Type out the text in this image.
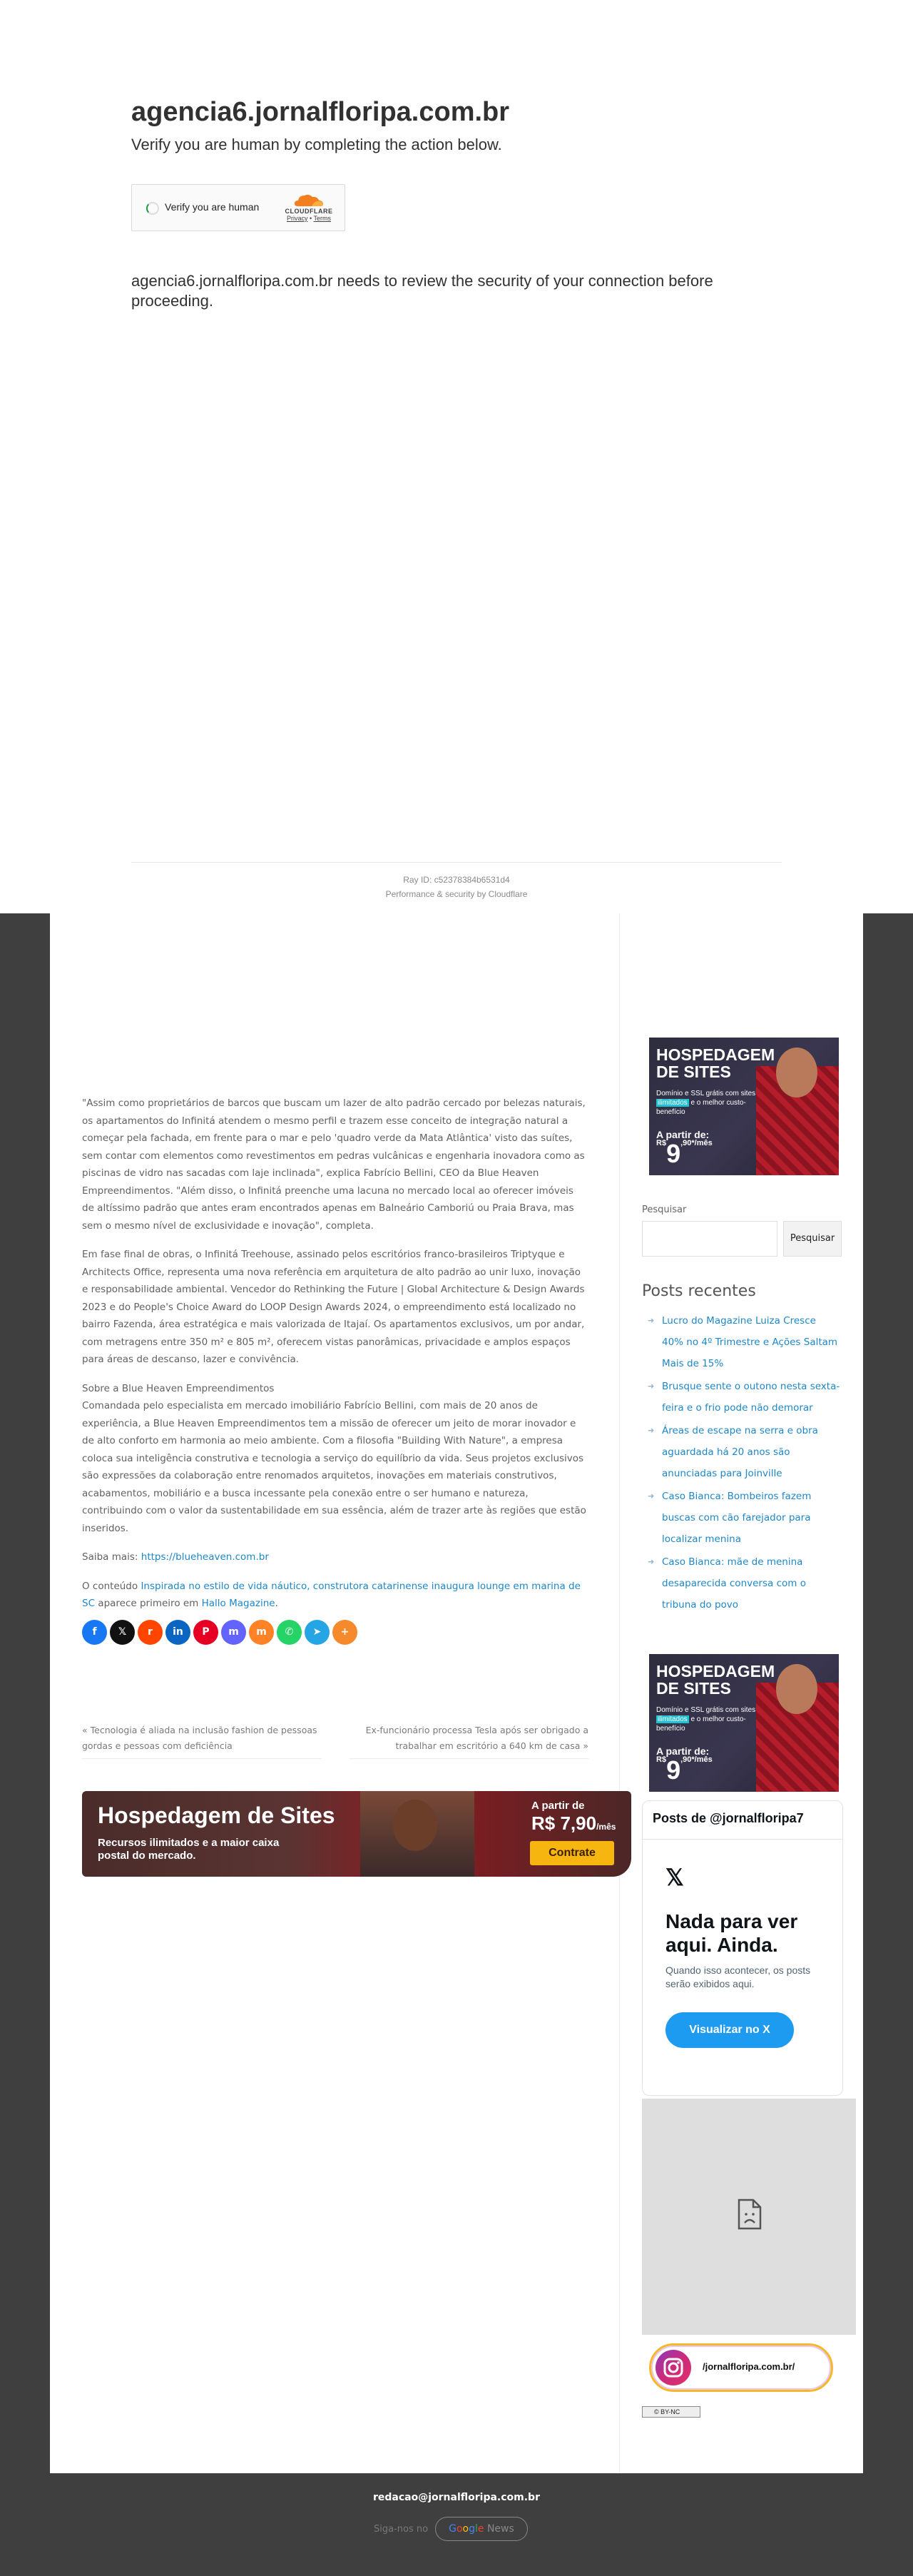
agencia6.jornalfloripa.com.br

Verify you are human by completing the action below.

Verify you are human	CLOUDFLARE
Privacy • Terms

agencia6.jornalfloripa.com.br needs to review the security of your connection before proceeding.

Ray ID: c52378384b6531d4
Performance & security by Cloudflare

"Assim como proprietários de barcos que buscam um lazer de alto padrão cercado por belezas naturais, os apartamentos do Infinitá atendem o mesmo perfil e trazem esse conceito de integração natural a começar pela fachada, em frente para o mar e pelo 'quadro verde da Mata Atlântica' visto das suítes, sem contar com elementos como revestimentos em pedras vulcânicas e engenharia inovadora como as piscinas de vidro nas sacadas com laje inclinada", explica Fabrício Bellini, CEO da Blue Heaven Empreendimentos. "Além disso, o Infinitá preenche uma lacuna no mercado local ao oferecer imóveis de altíssimo padrão que antes eram encontrados apenas em Balneário Camboriú ou Praia Brava, mas sem o mesmo nível de exclusividade e inovação", completa.

Em fase final de obras, o Infinitá Treehouse, assinado pelos escritórios franco-brasileiros Triptyque e Architects Office, representa uma nova referência em arquitetura de alto padrão ao unir luxo, inovação e responsabilidade ambiental. Vencedor do Rethinking the Future | Global Architecture & Design Awards 2023 e do People's Choice Award do LOOP Design Awards 2024, o empreendimento está localizado no bairro Fazenda, área estratégica e mais valorizada de Itajaí. Os apartamentos exclusivos, um por andar, com metragens entre 350 m² e 805 m², oferecem vistas panorâmicas, privacidade e amplos espaços para áreas de descanso, lazer e convivência.

Sobre a Blue Heaven Empreendimentos
Comandada pelo especialista em mercado imobiliário Fabrício Bellini, com mais de 20 anos de experiência, a Blue Heaven Empreendimentos tem a missão de oferecer um jeito de morar inovador e de alto conforto em harmonia ao meio ambiente. Com a filosofia "Building With Nature", a empresa coloca sua inteligência construtiva e tecnologia a serviço do equilíbrio da vida. Seus projetos exclusivos são expressões da colaboração entre renomados arquitetos, inovações em materiais construtivos, acabamentos, mobiliário e a busca incessante pela conexão entre o ser humano e natureza, contribuindo com o valor da sustentabilidade em sua essência, além de trazer arte às regiões que estão inseridos.

Saiba mais: https://blueheaven.com.br

O conteúdo Inspirada no estilo de vida náutico, construtora catarinense inaugura lounge em marina de SC aparece primeiro em Hallo Magazine.

f	𝕏	r	in	P	m	m	✆	➤	+
« Tecnologia é aliada na inclusão fashion de pessoas gordas e pessoas com deficiência
Ex-funcionário processa Tesla após ser obrigado a trabalhar em escritório a 640 km de casa »
Hospedagem de Sites
Recursos ilimitados e a maior caixa postal do mercado.
A partir de
R$ 7,90/mês
Contrate
HOSPEDAGEM
DE SITES
Domínio e SSL grátis com sites ilimitados e o melhor custo-benefício
A partir de:
$^{R\$}9^{,90*/mês}$
Pesquisar
Pesquisar
Posts recentes
➜ Lucro do Magazine Luiza Cresce 40% no 4º Trimestre e Ações Saltam Mais de 15%
➜ Brusque sente o outono nesta sexta-feira e o frio pode não demorar
➜ Áreas de escape na serra e obra aguardada há 20 anos são anunciadas para Joinville
➜ Caso Bianca: Bombeiros fazem buscas com cão farejador para localizar menina
➜ Caso Bianca: mãe de menina desaparecida conversa com o tribuna do povo
HOSPEDAGEM
DE SITES
Domínio e SSL grátis com sites ilimitados e o melhor custo-benefício
A partir de:
$^{R\$}9^{,90*/mês}$
Posts de @jornalfloripa7
𝕏
Nada para ver aqui. Ainda.
Quando isso acontecer, os posts serão exibidos aqui.
Visualizar no X
/jornalfloripa.com.br/
© BY-NC
redacao@jornalfloripa.com.br
Siga-nos no	Google News
